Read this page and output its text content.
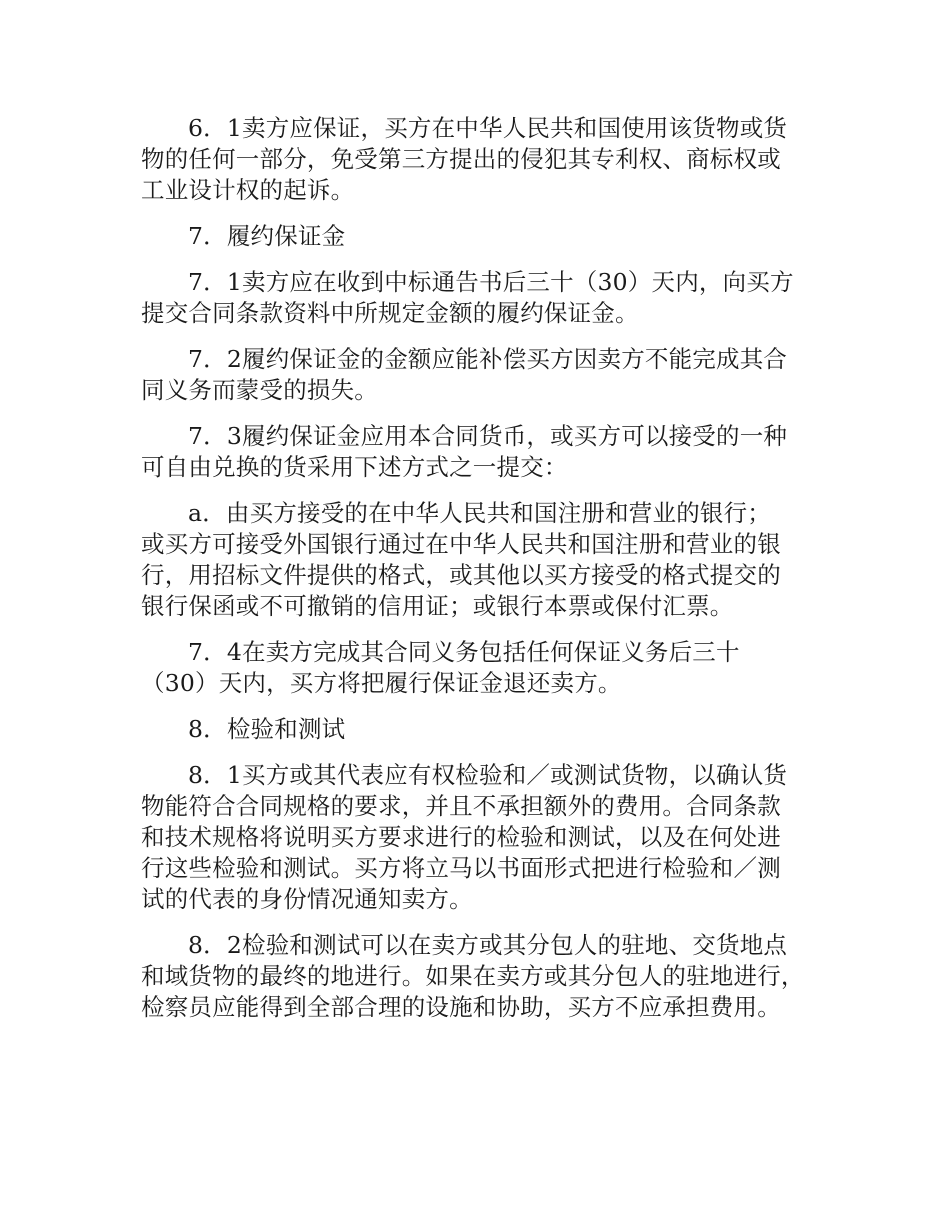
6．1卖方应保证，买方在中华人民共和国使用该货物或货
物的任何一部分，免受第三方提出的侵犯其专利权、商标权或
工业设计权的起诉。

7．履约保证金

7．1卖方应在收到中标通告书后三十（30）天内，向买方
提交合同条款资料中所规定金额的履约保证金。

7．2履约保证金的金额应能补偿买方因卖方不能完成其合
同义务而蒙受的损失。

7．3履约保证金应用本合同货币，或买方可以接受的一种
可自由兑换的货采用下述方式之一提交：

a．由买方接受的在中华人民共和国注册和营业的银行；
或买方可接受外国银行通过在中华人民共和国注册和营业的银
行，用招标文件提供的格式，或其他以买方接受的格式提交的
银行保函或不可撤销的信用证；或银行本票或保付汇票。

7．4在卖方完成其合同义务包括任何保证义务后三十
（30）天内，买方将把履行保证金退还卖方。

8．检验和测试

8．1买方或其代表应有权检验和／或测试货物，以确认货
物能符合合同规格的要求，并且不承担额外的费用。合同条款
和技术规格将说明买方要求进行的检验和测试，以及在何处进
行这些检验和测试。买方将立马以书面形式把进行检验和／测
试的代表的身份情况通知卖方。

8．2检验和测试可以在卖方或其分包人的驻地、交货地点
和域货物的最终的地进行。如果在卖方或其分包人的驻地进行，
检察员应能得到全部合理的设施和协助，买方不应承担费用。
